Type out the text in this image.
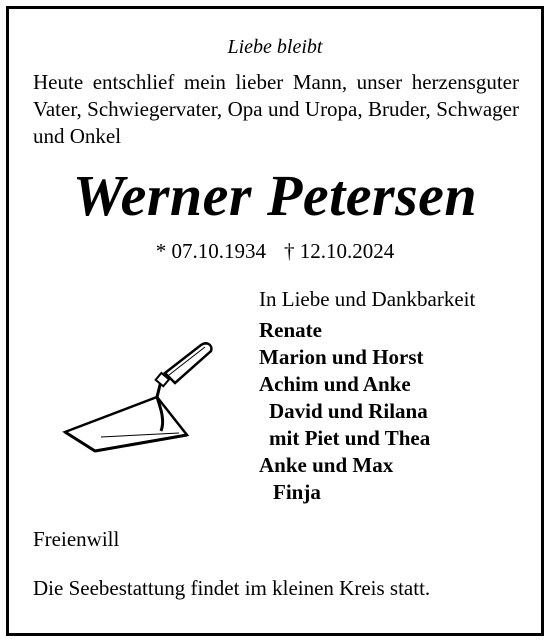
Liebe bleibt
Heute entschlief mein lieber Mann, unser herzensguter Vater, Schwiegervater, Opa und Uropa, Bruder, Schwager und Onkel
Werner Petersen
* 07.10.1934 † 12.10.2024
In Liebe und Dankbarkeit
Renate
Marion und Horst
Achim und Anke
David und Rilana
mit Piet und Thea
Anke und Max
Finja
Freienwill
Die Seebestattung findet im kleinen Kreis statt.
